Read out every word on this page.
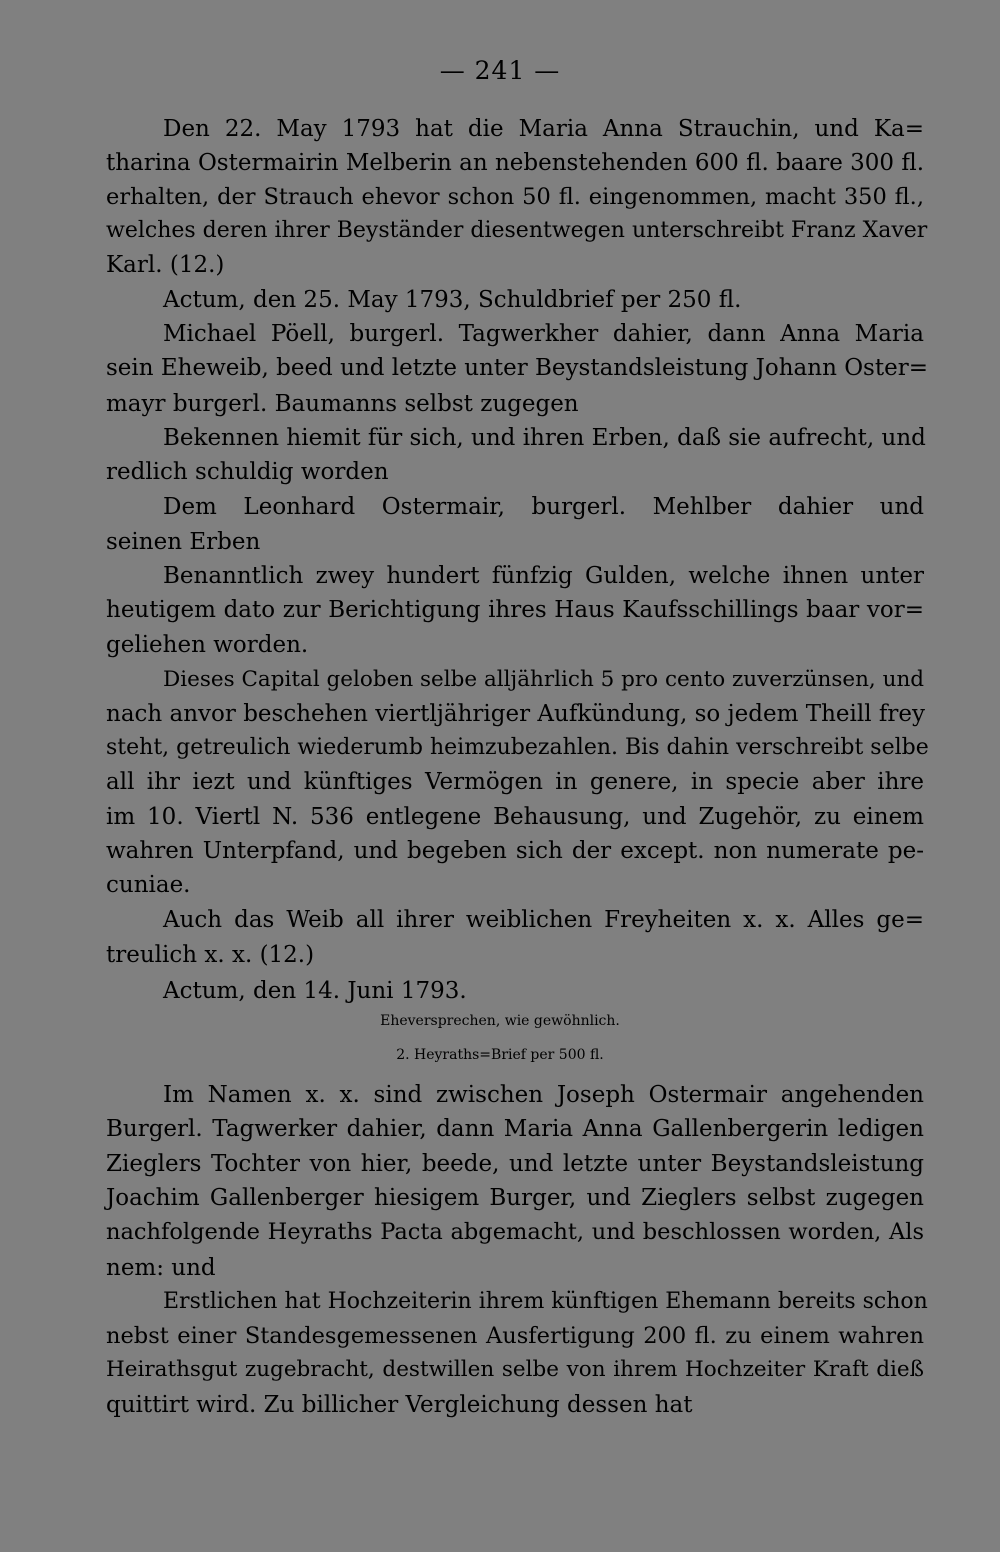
— 241 —
Den 22. May 1793 hat die Maria Anna Strauchin, und Ka=
tharina Ostermairin Melberin an nebenstehenden 600 fl. baare 300 fl.
erhalten, der Strauch ehevor schon 50 fl. eingenommen, macht 350 fl.,
welches deren ihrer Beyständer diesentwegen unterschreibt Franz Xaver
Karl. (12.)
Actum, den 25. May 1793, Schuldbrief per 250 fl.
Michael Pöell, burgerl. Tagwerkher dahier, dann Anna Maria
sein Eheweib, beed und letzte unter Beystandsleistung Johann Oster=
mayr burgerl. Baumanns selbst zugegen
Bekennen hiemit für sich, und ihren Erben, daß sie aufrecht, und
redlich schuldig worden
Dem Leonhard Ostermair, burgerl. Mehlber dahier und
seinen Erben
Benanntlich zwey hundert fünfzig Gulden, welche ihnen unter
heutigem dato zur Berichtigung ihres Haus Kaufsschillings baar vor=
geliehen worden.
Dieses Capital geloben selbe alljährlich 5 pro cento zuverzünsen, und
nach anvor beschehen viertljähriger Aufkündung, so jedem Theill frey
steht, getreulich wiederumb heimzubezahlen. Bis dahin verschreibt selbe
all ihr iezt und künftiges Vermögen in genere, in specie aber ihre
im 10. Viertl N. 536 entlegene Behausung, und Zugehör, zu einem
wahren Unterpfand, und begeben sich der except. non numerate pe-
cuniae.
Auch das Weib all ihrer weiblichen Freyheiten x. x. Alles ge=
treulich x. x. (12.)
Actum, den 14. Juni 1793.
Eheversprechen, wie gewöhnlich.
2. Heyraths=Brief per 500 fl.
Im Namen x. x. sind zwischen Joseph Ostermair angehenden
Burgerl. Tagwerker dahier, dann Maria Anna Gallenbergerin ledigen
Zieglers Tochter von hier, beede, und letzte unter Beystandsleistung
Joachim Gallenberger hiesigem Burger, und Zieglers selbst zugegen
nachfolgende Heyraths Pacta abgemacht, und beschlossen worden, Als
nem: und
Erstlichen hat Hochzeiterin ihrem künftigen Ehemann bereits schon
nebst einer Standesgemessenen Ausfertigung 200 fl. zu einem wahren
Heirathsgut zugebracht, destwillen selbe von ihrem Hochzeiter Kraft dieß
quittirt wird. Zu billicher Vergleichung dessen hat
